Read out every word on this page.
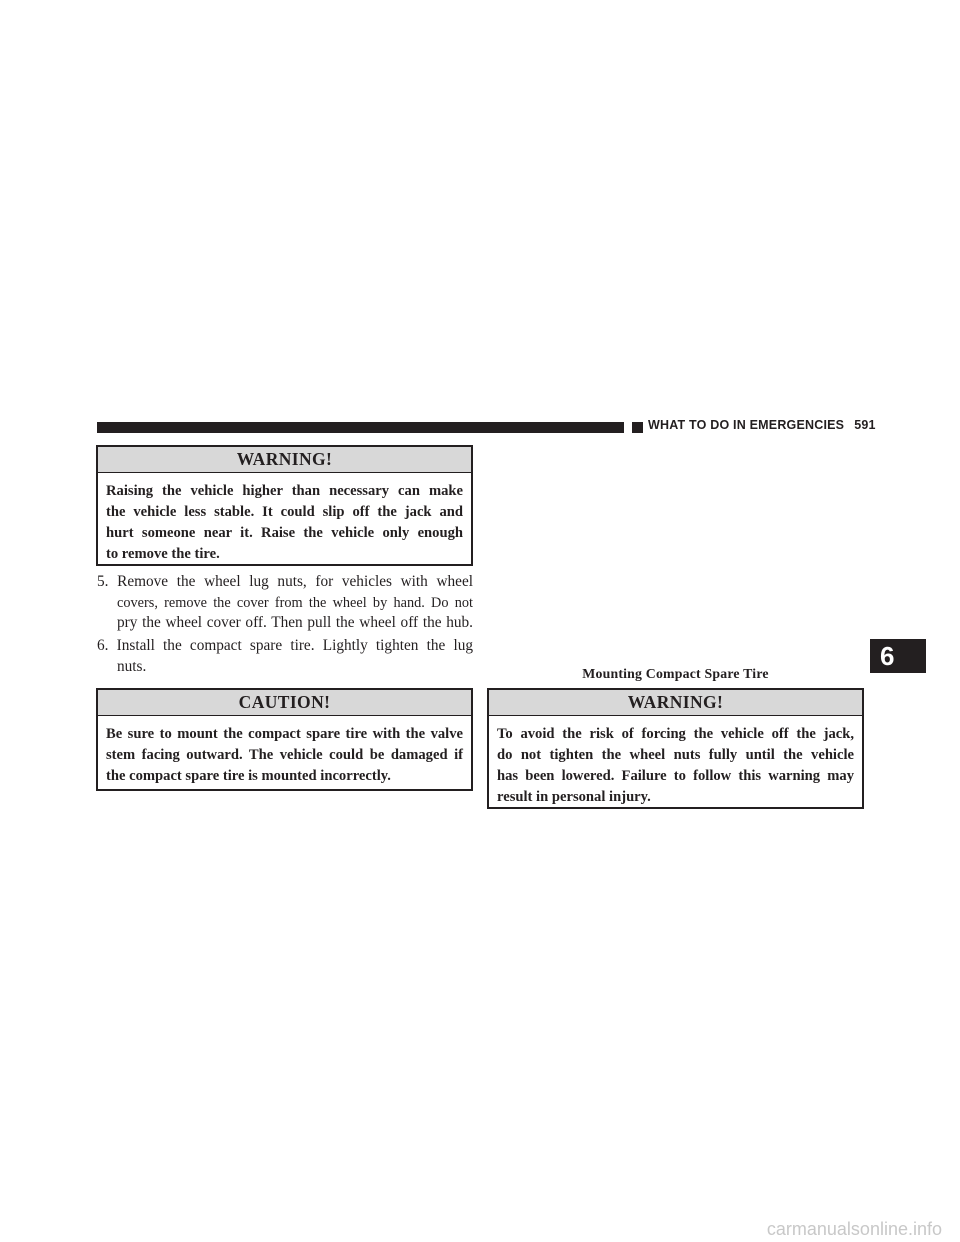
WHAT TO DO IN EMERGENCIES 591
WARNING!
Raising the vehicle higher than necessary can make
the vehicle less stable. It could slip off the jack and
hurt someone near it. Raise the vehicle only enough
to remove the tire.
5. Remove the wheel lug nuts, for vehicles with wheel
covers, remove the cover from the wheel by hand. Do not
pry the wheel cover off. Then pull the wheel off the hub.
6. Install the compact spare tire. Lightly tighten the lug
nuts.
CAUTION!
Be sure to mount the compact spare tire with the valve
stem facing outward. The vehicle could be damaged if
the compact spare tire is mounted incorrectly.
Mounting Compact Spare Tire
WARNING!
To avoid the risk of forcing the vehicle off the jack,
do not tighten the wheel nuts fully until the vehicle
has been lowered. Failure to follow this warning may
result in personal injury.
6
carmanualsonline.info
